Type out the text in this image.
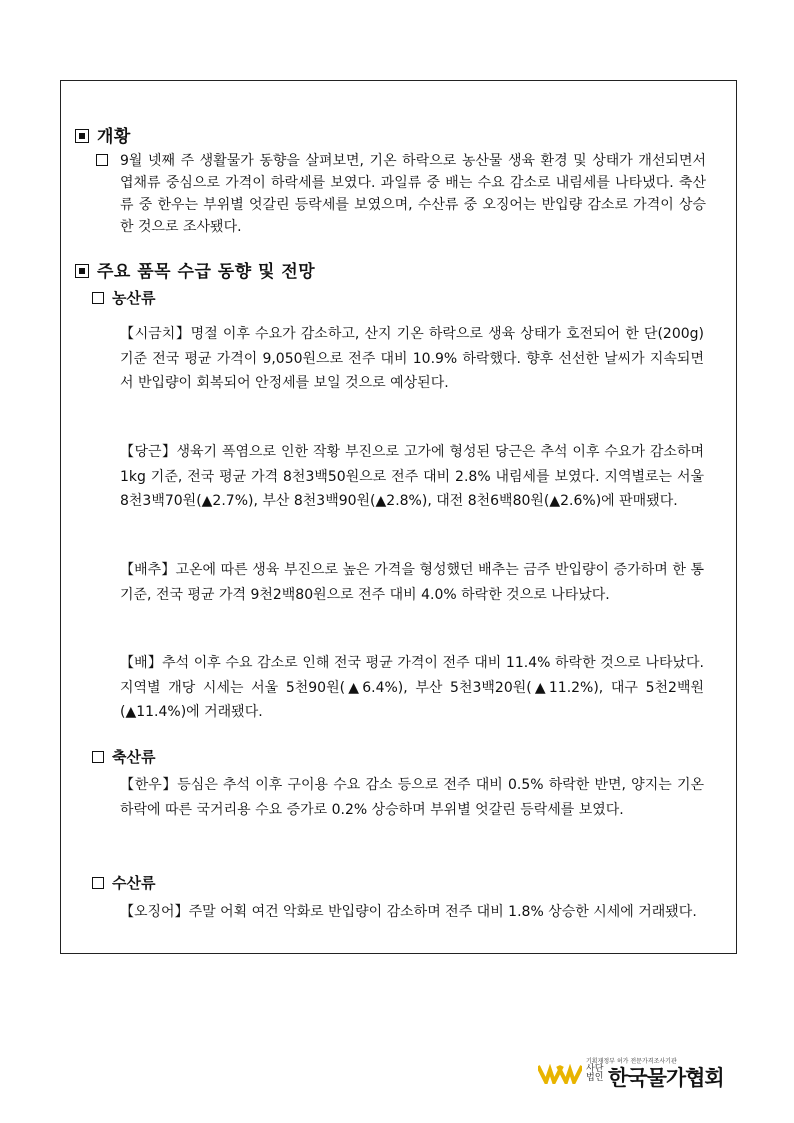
개황
9월 넷째 주 생활물가 동향을 살펴보면, 기온 하락으로 농산물 생육 환경 및 상태가 개선되면서 엽채류 중심으로 가격이 하락세를 보였다. 과일류 중 배는 수요 감소로 내림세를 나타냈다. 축산류 중 한우는 부위별 엇갈린 등락세를 보였으며, 수산류 중 오징어는 반입량 감소로 가격이 상승한 것으로 조사됐다.
주요 품목 수급 동향 및 전망
농산류
【시금치】명절 이후 수요가 감소하고, 산지 기온 하락으로 생육 상태가 호전되어 한 단(200g) 기준 전국 평균 가격이 9,050원으로 전주 대비 10.9% 하락했다. 향후 선선한 날씨가 지속되면서 반입량이 회복되어 안정세를 보일 것으로 예상된다.
【당근】생육기 폭염으로 인한 작황 부진으로 고가에 형성된 당근은 추석 이후 수요가 감소하며 1kg 기준, 전국 평균 가격 8천3백50원으로 전주 대비 2.8% 내림세를 보였다. 지역별로는 서울 8천3백70원(▲2.7%), 부산 8천3백90원(▲2.8%), 대전 8천6백80원(▲2.6%)에 판매됐다.
【배추】고온에 따른 생육 부진으로 높은 가격을 형성했던 배추는 금주 반입량이 증가하며 한 통 기준, 전국 평균 가격 9천2백80원으로 전주 대비 4.0% 하락한 것으로 나타났다.
【배】추석 이후 수요 감소로 인해 전국 평균 가격이 전주 대비 11.4% 하락한 것으로 나타났다. 지역별 개당 시세는 서울 5천90원(▲6.4%), 부산 5천3백20원(▲11.2%), 대구 5천2백원(▲11.4%)에 거래됐다.
축산류
【한우】등심은 추석 이후 구이용 수요 감소 등으로 전주 대비 0.5% 하락한 반면, 양지는 기온 하락에 따른 국거리용 수요 증가로 0.2% 상승하며 부위별 엇갈린 등락세를 보였다.
수산류
【오징어】주말 어획 여건 악화로 반입량이 감소하며 전주 대비 1.8% 상승한 시세에 거래됐다.
기획재정부 허가 전문가격조사기관
사단법인 한국물가협회
